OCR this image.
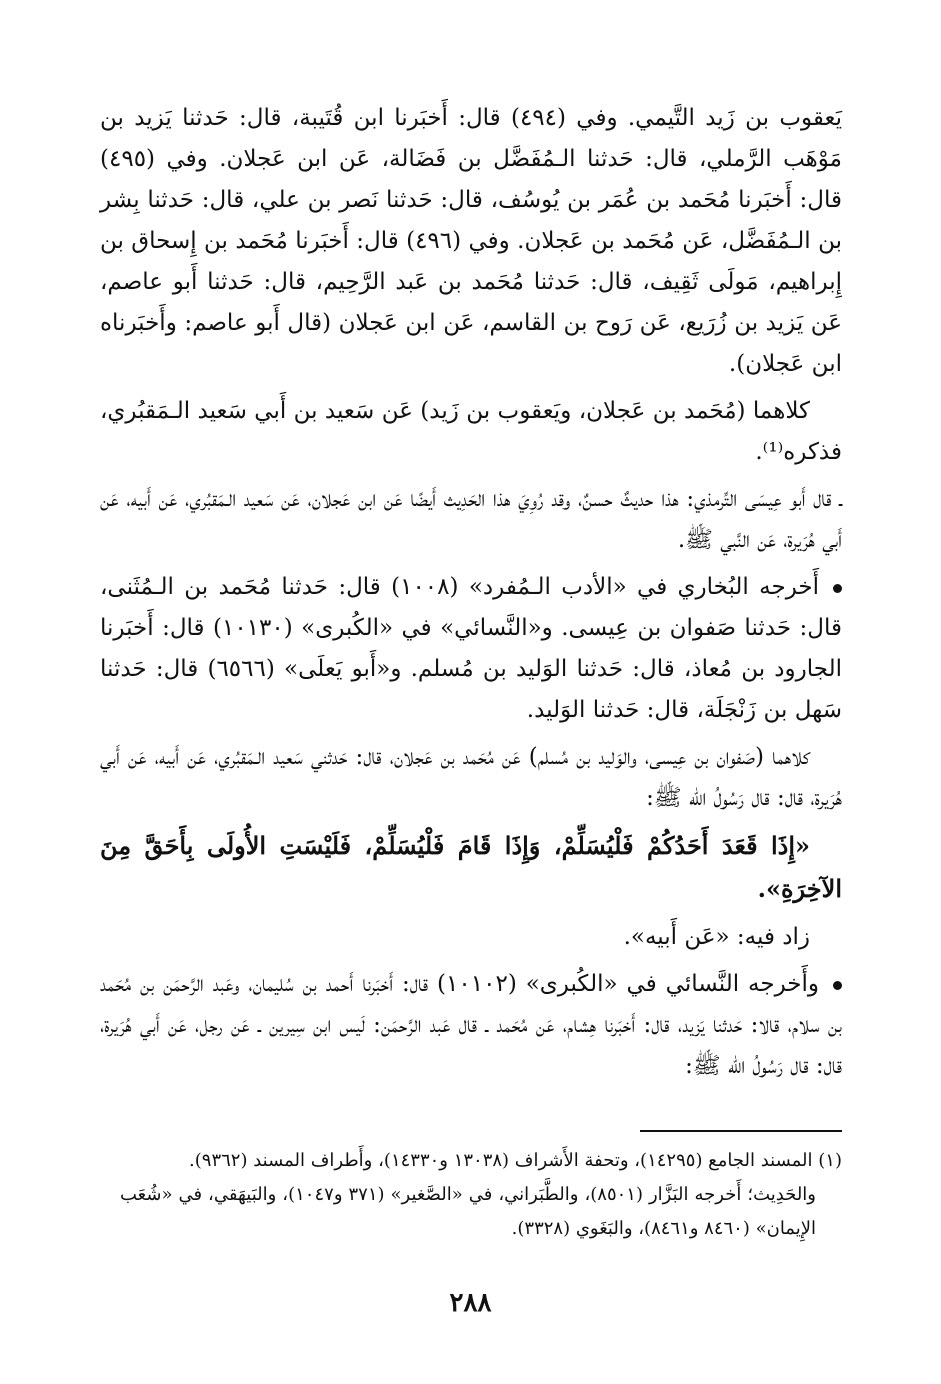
يَعقوب بن زَيد التَّيمي. وفي (٤٩٤) قال: أَخبَرنا ابن قُتَيبة، قال: حَدثنا يَزيد بن مَوْهَب الرَّملي، قال: حَدثنا الـمُفَضَّل بن فَضَالة، عَن ابن عَجلان. وفي (٤٩٥) قال: أَخبَرنا مُحَمد بن عُمَر بن يُوسُف، قال: حَدثنا نَصر بن علي، قال: حَدثنا بِشر بن الـمُفَضَّل، عَن مُحَمد بن عَجلان. وفي (٤٩٦) قال: أَخبَرنا مُحَمد بن إِسحاق بن إِبراهيم، مَولَى ثَقِيف، قال: حَدثنا مُحَمد بن عَبد الرَّحِيم، قال: حَدثنا أَبو عاصم، عَن يَزيد بن زُرَيع، عَن رَوح بن القاسم، عَن ابن عَجلان (قال أَبو عاصم: وأَخبَرناه ابن عَجلان).

كلاهما (مُحَمد بن عَجلان، ويَعقوب بن زَيد) عَن سَعيد بن أَبي سَعيد الـمَقبُري، فذكره⁽¹⁾.

ـ قال أَبو عِيسَى التِّرمذي: هذا حديثٌ حسنٌ، وقد رُوِيَ هذا الحَدِيث أَيضًا عَن ابن عَجلان، عَن سَعيد الـمَقبُري، عَن أَبيه، عَن أَبي هُرَيرة، عَن النَّبي ﷺ.

أَخرجه البُخاري في «الأدب الـمُفرد» (١٠٠٨) قال: حَدثنا مُحَمد بن الـمُثَنى، قال: حَدثنا صَفوان بن عِيسى. و«النَّسائي» في «الكُبرى» (١٠١٣٠) قال: أَخبَرنا الجارود بن مُعاذ، قال: حَدثنا الوَليد بن مُسلم. و«أَبو يَعلَى» (٦٥٦٦) قال: حَدثنا سَهل بن زَنْجَلَة، قال: حَدثنا الوَليد.

كلاهما (صَفوان بن عِيسى، والوَليد بن مُسلم) عَن مُحَمد بن عَجلان، قال: حَدثني سَعيد الـمَقبُري، عَن أَبيه، عَن أَبي هُرَيرة، قال: قال رَسُولُ الله ﷺ:

«إِذَا قَعَدَ أَحَدُكُمْ فَلْيُسَلِّمْ، وَإِذَا قَامَ فَلْيُسَلِّمْ، فَلَيْسَتِ الأُولَى بِأَحَقَّ مِنَ الآخِرَةِ».

زاد فيه: «عَن أَبيه».

وأَخرجه النَّسائي في «الكُبرى» (١٠١٠٢) قال: أَخبَرنا أَحمد بن سُليمان، وعَبد الرَّحمَن بن مُحَمد بن سلام، قالا: حَدثنا يَزيد، قال: أَخبَرنا هِشام، عَن مُحَمد ـ قال عَبد الرَّحمَن: لَيس ابن سِيرين ـ عَن رجل، عَن أَبي هُرَيرة، قال: قال رَسُولُ الله ﷺ:

(١) المسند الجامع (١٤٢٩٥)، وتحفة الأَشراف (١٣٠٣٨ و١٤٣٣٠)، وأَطراف المسند (٩٣٦٢).

والحَدِيث؛ أَخرجه البَزَّار (٨٥٠١)، والطَّبَراني، في «الصَّغير» (٣٧١ و١٠٤٧)، والبَيهَقي، في «شُعَب الإِيمان» (٨٤٦٠ و٨٤٦١)، والبَغَوي (٣٣٢٨).

٢٨٨
